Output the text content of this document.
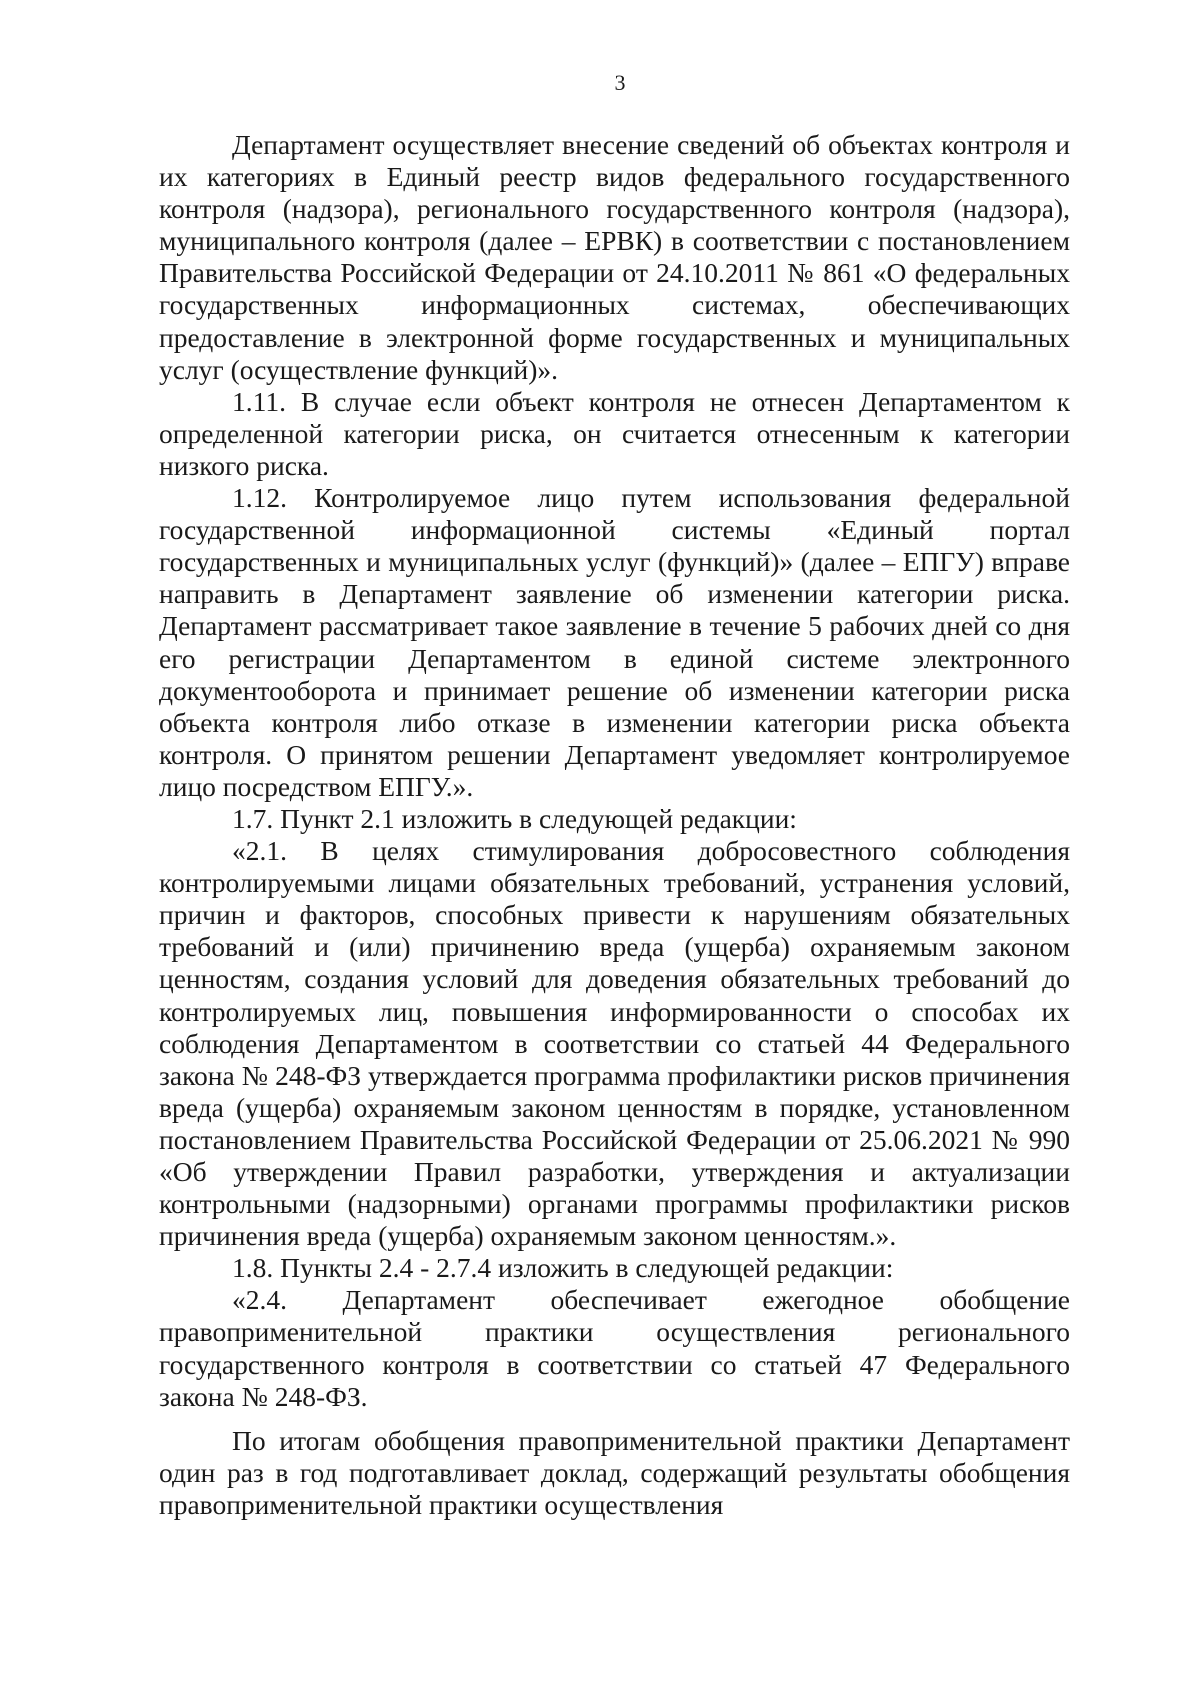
3

Департамент осуществляет внесение сведений об объектах контроля и их категориях в Единый реестр видов федерального государственного контроля (надзора), регионального государственного контроля (надзора), муниципального контроля (далее – ЕРВК) в соответствии с постановлением Правительства Российской Федерации от 24.10.2011 № 861 «О федеральных государственных информационных системах, обеспечивающих предоставление в электронной форме государственных и муниципальных услуг (осуществление функций)».

1.11. В случае если объект контроля не отнесен Департаментом к определенной категории риска, он считается отнесенным к категории низкого риска.

1.12. Контролируемое лицо путем использования федеральной государственной информационной системы «Единый портал государственных и муниципальных услуг (функций)» (далее – ЕПГУ) вправе направить в Департамент заявление об изменении категории риска. Департамент рассматривает такое заявление в течение 5 рабочих дней со дня его регистрации Департаментом в единой системе электронного документооборота и принимает решение об изменении категории риска объекта контроля либо отказе в изменении категории риска объекта контроля. О принятом решении Департамент уведомляет контролируемое лицо посредством ЕПГУ.».

1.7. Пункт 2.1 изложить в следующей редакции:

«2.1. В целях стимулирования добросовестного соблюдения контролируемыми лицами обязательных требований, устранения условий, причин и факторов, способных привести к нарушениям обязательных требований и (или) причинению вреда (ущерба) охраняемым законом ценностям, создания условий для доведения обязательных требований до контролируемых лиц, повышения информированности о способах их соблюдения Департаментом в соответствии со статьей 44 Федерального закона № 248-ФЗ утверждается программа профилактики рисков причинения вреда (ущерба) охраняемым законом ценностям в порядке, установленном постановлением Правительства Российской Федерации от 25.06.2021 № 990 «Об утверждении Правил разработки, утверждения и актуализации контрольными (надзорными) органами программы профилактики рисков причинения вреда (ущерба) охраняемым законом ценностям.».

1.8. Пункты 2.4 - 2.7.4 изложить в следующей редакции:

«2.4. Департамент обеспечивает ежегодное обобщение правоприменительной практики осуществления регионального государственного контроля в соответствии со статьей 47 Федерального закона № 248-ФЗ.

По итогам обобщения правоприменительной практики Департамент один раз в год подготавливает доклад, содержащий результаты обобщения правоприменительной практики осуществления
